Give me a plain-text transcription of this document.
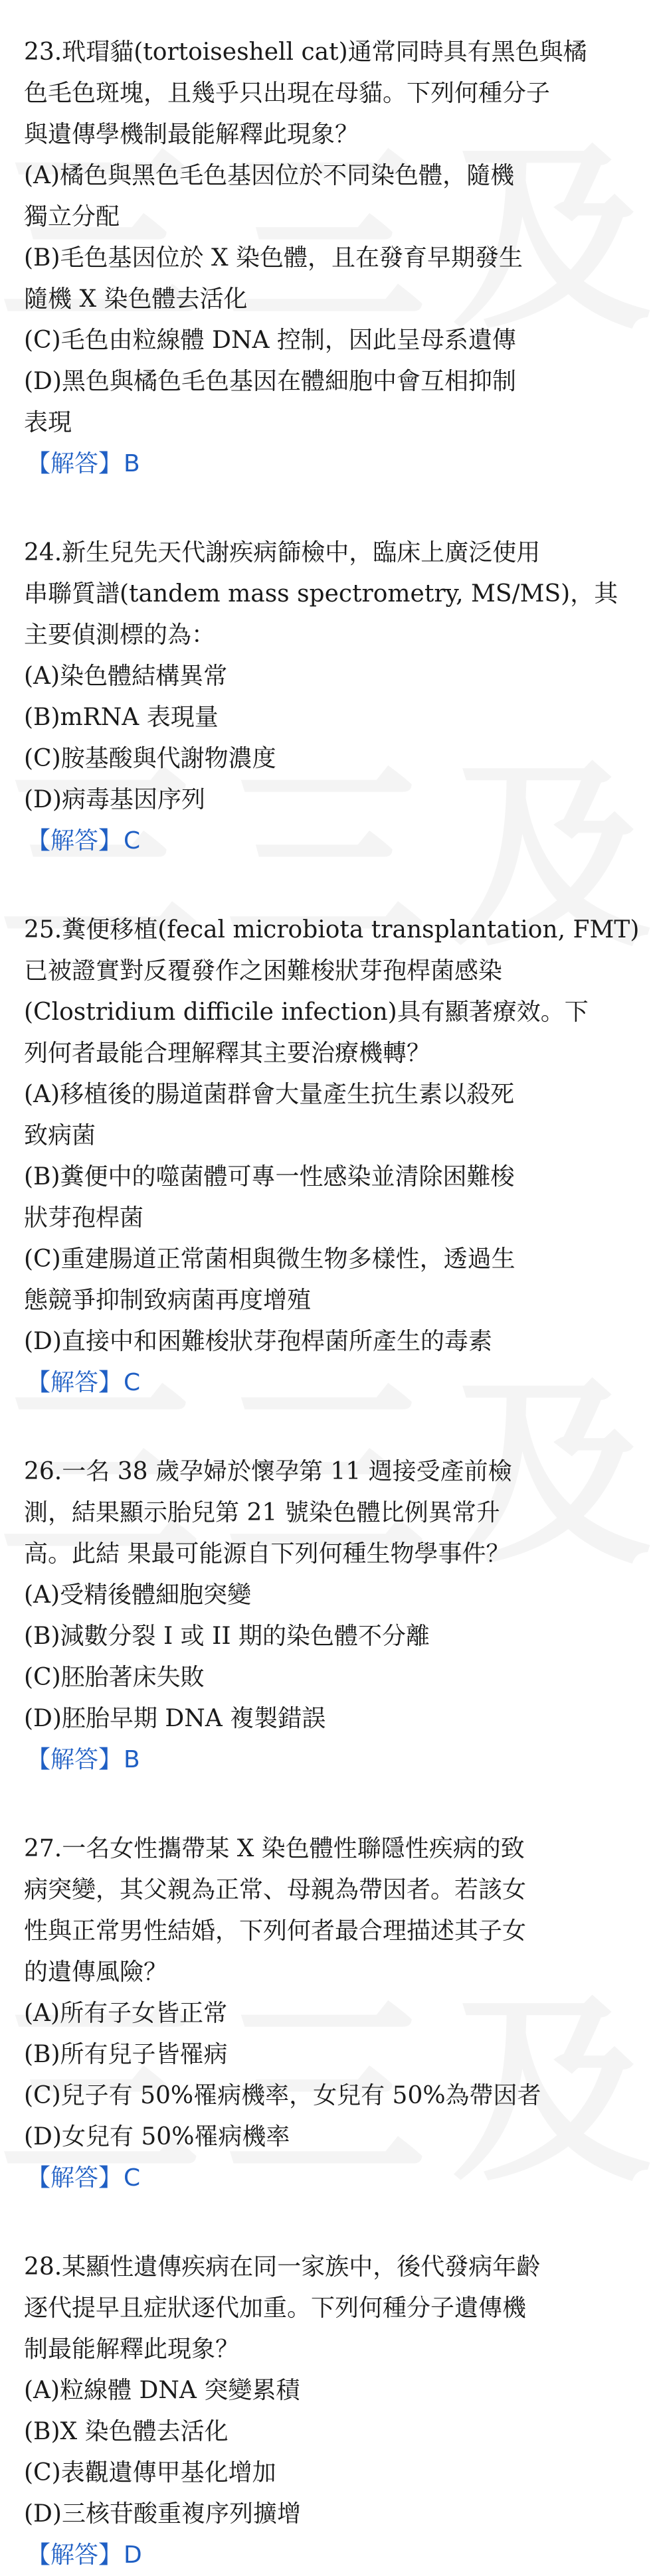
23.玳瑁貓(tortoiseshell cat)通常同時具有黑色與橘
色毛色斑塊，且幾乎只出現在母貓。下列何種分子
與遺傳學機制最能解釋此現象？
(A)橘色與黑色毛色基因位於不同染色體，隨機
獨立分配
(B)毛色基因位於 X 染色體，且在發育早期發生
隨機 X 染色體去活化
(C)毛色由粒線體 DNA 控制，因此呈母系遺傳
(D)黑色與橘色毛色基因在體細胞中會互相抑制
表現
【解答】B
24.新生兒先天代謝疾病篩檢中，臨床上廣泛使用
串聯質譜(tandem mass spectrometry, MS/MS)，其
主要偵測標的為：
(A)染色體結構異常
(B)mRNA 表現量
(C)胺基酸與代謝物濃度
(D)病毒基因序列
【解答】C
25.糞便移植(fecal microbiota transplantation, FMT)
已被證實對反覆發作之困難梭狀芽孢桿菌感染
(Clostridium difficile infection)具有顯著療效。下
列何者最能合理解釋其主要治療機轉？
(A)移植後的腸道菌群會大量產生抗生素以殺死
致病菌
(B)糞便中的噬菌體可專一性感染並清除困難梭
狀芽孢桿菌
(C)重建腸道正常菌相與微生物多樣性，透過生
態競爭抑制致病菌再度增殖
(D)直接中和困難梭狀芽孢桿菌所產生的毒素
【解答】C
26.一名 38 歲孕婦於懷孕第 11 週接受產前檢
測，結果顯示胎兒第 21 號染色體比例異常升
高。此結 果最可能源自下列何種生物學事件？
(A)受精後體細胞突變
(B)減數分裂 I 或 II 期的染色體不分離
(C)胚胎著床失敗
(D)胚胎早期 DNA 複製錯誤
【解答】B
27.一名女性攜帶某 X 染色體性聯隱性疾病的致
病突變，其父親為正常、母親為帶因者。若該女
性與正常男性結婚，下列何者最合理描述其子女
的遺傳風險？
(A)所有子女皆正常
(B)所有兒子皆罹病
(C)兒子有 50%罹病機率，女兒有 50%為帶因者
(D)女兒有 50%罹病機率
【解答】C
28.某顯性遺傳疾病在同一家族中，後代發病年齡
逐代提早且症狀逐代加重。下列何種分子遺傳機
制最能解釋此現象？
(A)粒線體 DNA 突變累積
(B)X 染色體去活化
(C)表觀遺傳甲基化增加
(D)三核苷酸重複序列擴增
【解答】D
